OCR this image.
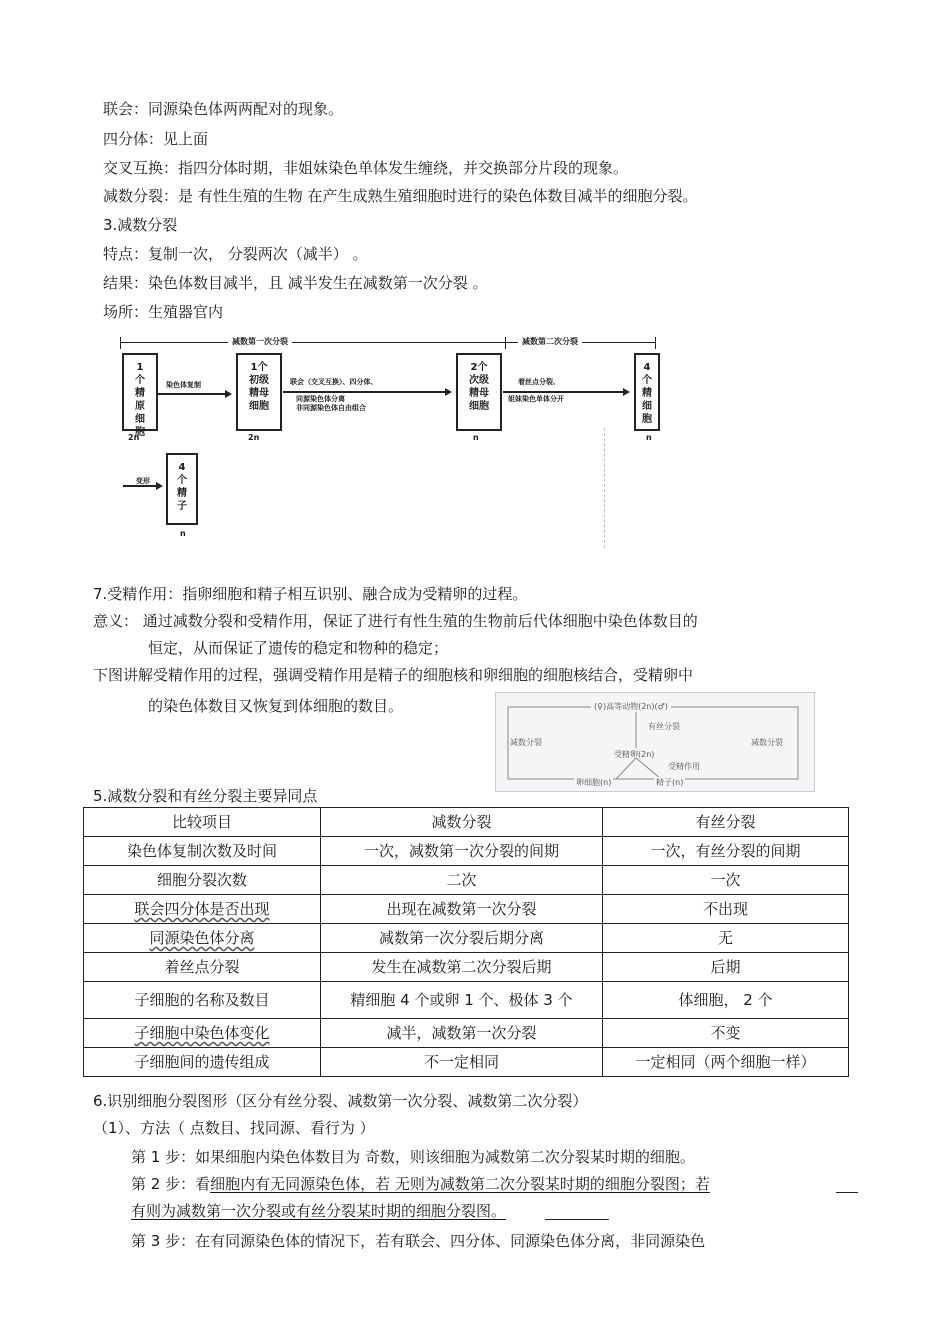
联会：同源染色体两两配对的现象。
四分体：见上面
交叉互换：指四分体时期，非姐妹染色单体发生缠绕，并交换部分片段的现象。
减数分裂：是 有性生殖的生物 在产生成熟生殖细胞时进行的染色体数目减半的细胞分裂。
3.减数分裂
特点：复制一次， 分裂两次（减半） 。
结果：染色体数目减半，且 减半发生在减数第一次分裂 。
场所：生殖器官内
减数第一次分裂	减数第二次分裂
1个精原细胞
2n
1个初级精母细胞
2n
2个次级精母细胞
n
4个精细胞
n
4个精子
n
染色体复制	联会（交叉互换）、四分体、
同源染色体分离
非同源染色体自由组合
着丝点分裂、
姐妹染色单体分开
变形
7.受精作用：指卵细胞和精子相互识别、融合成为受精卵的过程。
意义： 通过减数分裂和受精作用，保证了进行有性生殖的生物前后代体细胞中染色体数目的
恒定，从而保证了遗传的稳定和物种的稳定；
下图讲解受精作用的过程，强调受精作用是精子的细胞核和卵细胞的细胞核结合，受精卵中
的染色体数目又恢复到体细胞的数目。	(♀)高等动物(2n)(♂)
减数分裂	减数分裂
有丝分裂
受精卵(2n)
受精作用
卵细胞(n)	精子(n)
5.减数分裂和有丝分裂主要异同点
比较项目	减数分裂	有丝分裂
染色体复制次数及时间	一次，减数第一次分裂的间期	一次，有丝分裂的间期
细胞分裂次数	二次	一次
联会四分体是否出现	出现在减数第一次分裂	不出现
同源染色体分离	减数第一次分裂后期分离	无
着丝点分裂	发生在减数第二次分裂后期	后期
子细胞的名称及数目	精细胞 4 个或卵 1 个、极体 3 个	体细胞， 2 个
子细胞中染色体变化	减半，减数第一次分裂	不变
子细胞间的遗传组成	不一定相同	一定相同（两个细胞一样）
6.识别细胞分裂图形（区分有丝分裂、减数第一次分裂、减数第二次分裂）
（1）、方法（ 点数目、找同源、看行为 ）
第 1 步：如果细胞内染色体数目为 奇数，则该细胞为减数第二次分裂某时期的细胞。
第 2 步：看细胞内有无同源染色体，若 无则为减数第二次分裂某时期的细胞分裂图；若
有则为减数第一次分裂或有丝分裂某时期的细胞分裂图。
第 3 步：在有同源染色体的情况下，若有联会、四分体、同源染色体分离，非同源染色
